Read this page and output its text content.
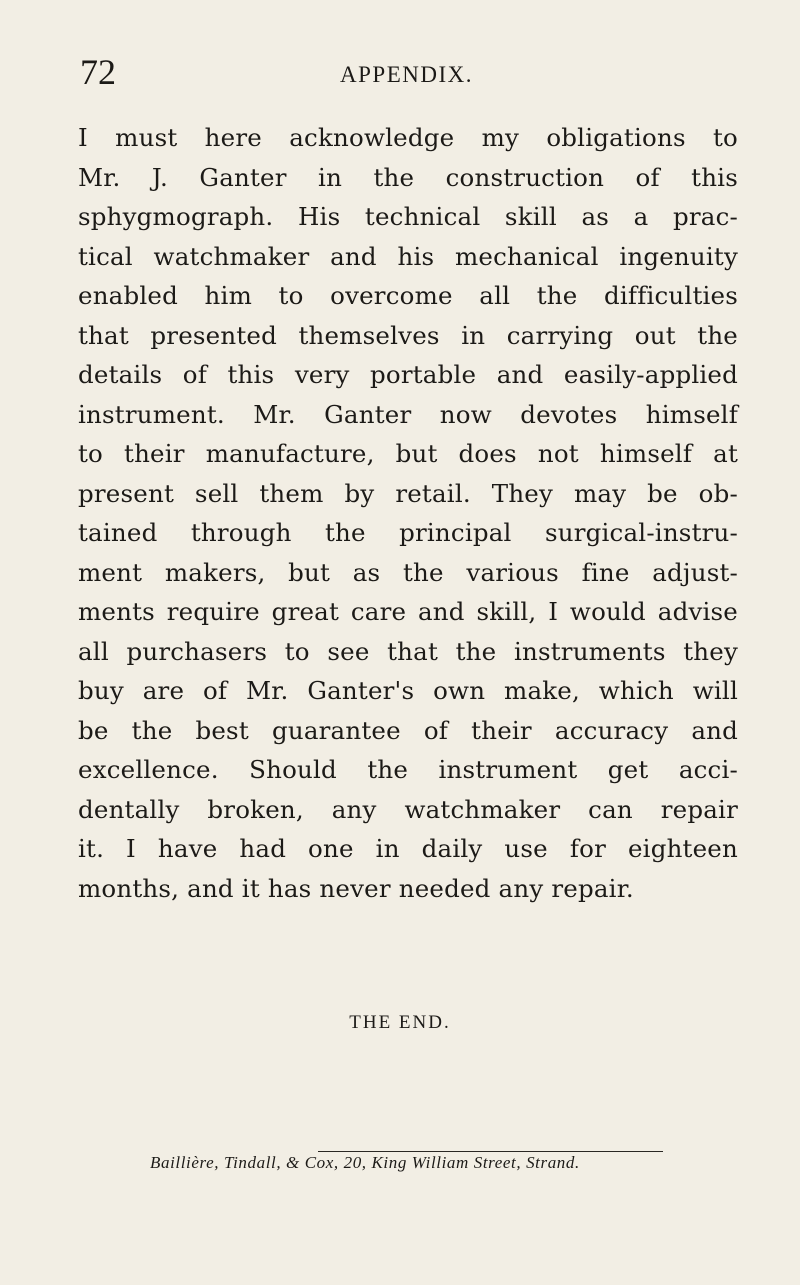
72	APPENDIX.
I must here acknowledge my obligations to
Mr. J. Ganter in the construction of this
sphygmograph. His technical skill as a prac-
tical watchmaker and his mechanical ingenuity
enabled him to overcome all the difficulties
that presented themselves in carrying out the
details of this very portable and easily-applied
instrument. Mr. Ganter now devotes himself
to their manufacture, but does not himself at
present sell them by retail. They may be ob-
tained through the principal surgical-instru-
ment makers, but as the various fine adjust-
ments require great care and skill, I would advise
all purchasers to see that the instruments they
buy are of Mr. Ganter's own make, which will
be the best guarantee of their accuracy and
excellence. Should the instrument get acci-
dentally broken, any watchmaker can repair
it. I have had one in daily use for eighteen
months, and it has never needed any repair.
THE END.
Baillière, Tindall, & Cox, 20, King William Street, Strand.
